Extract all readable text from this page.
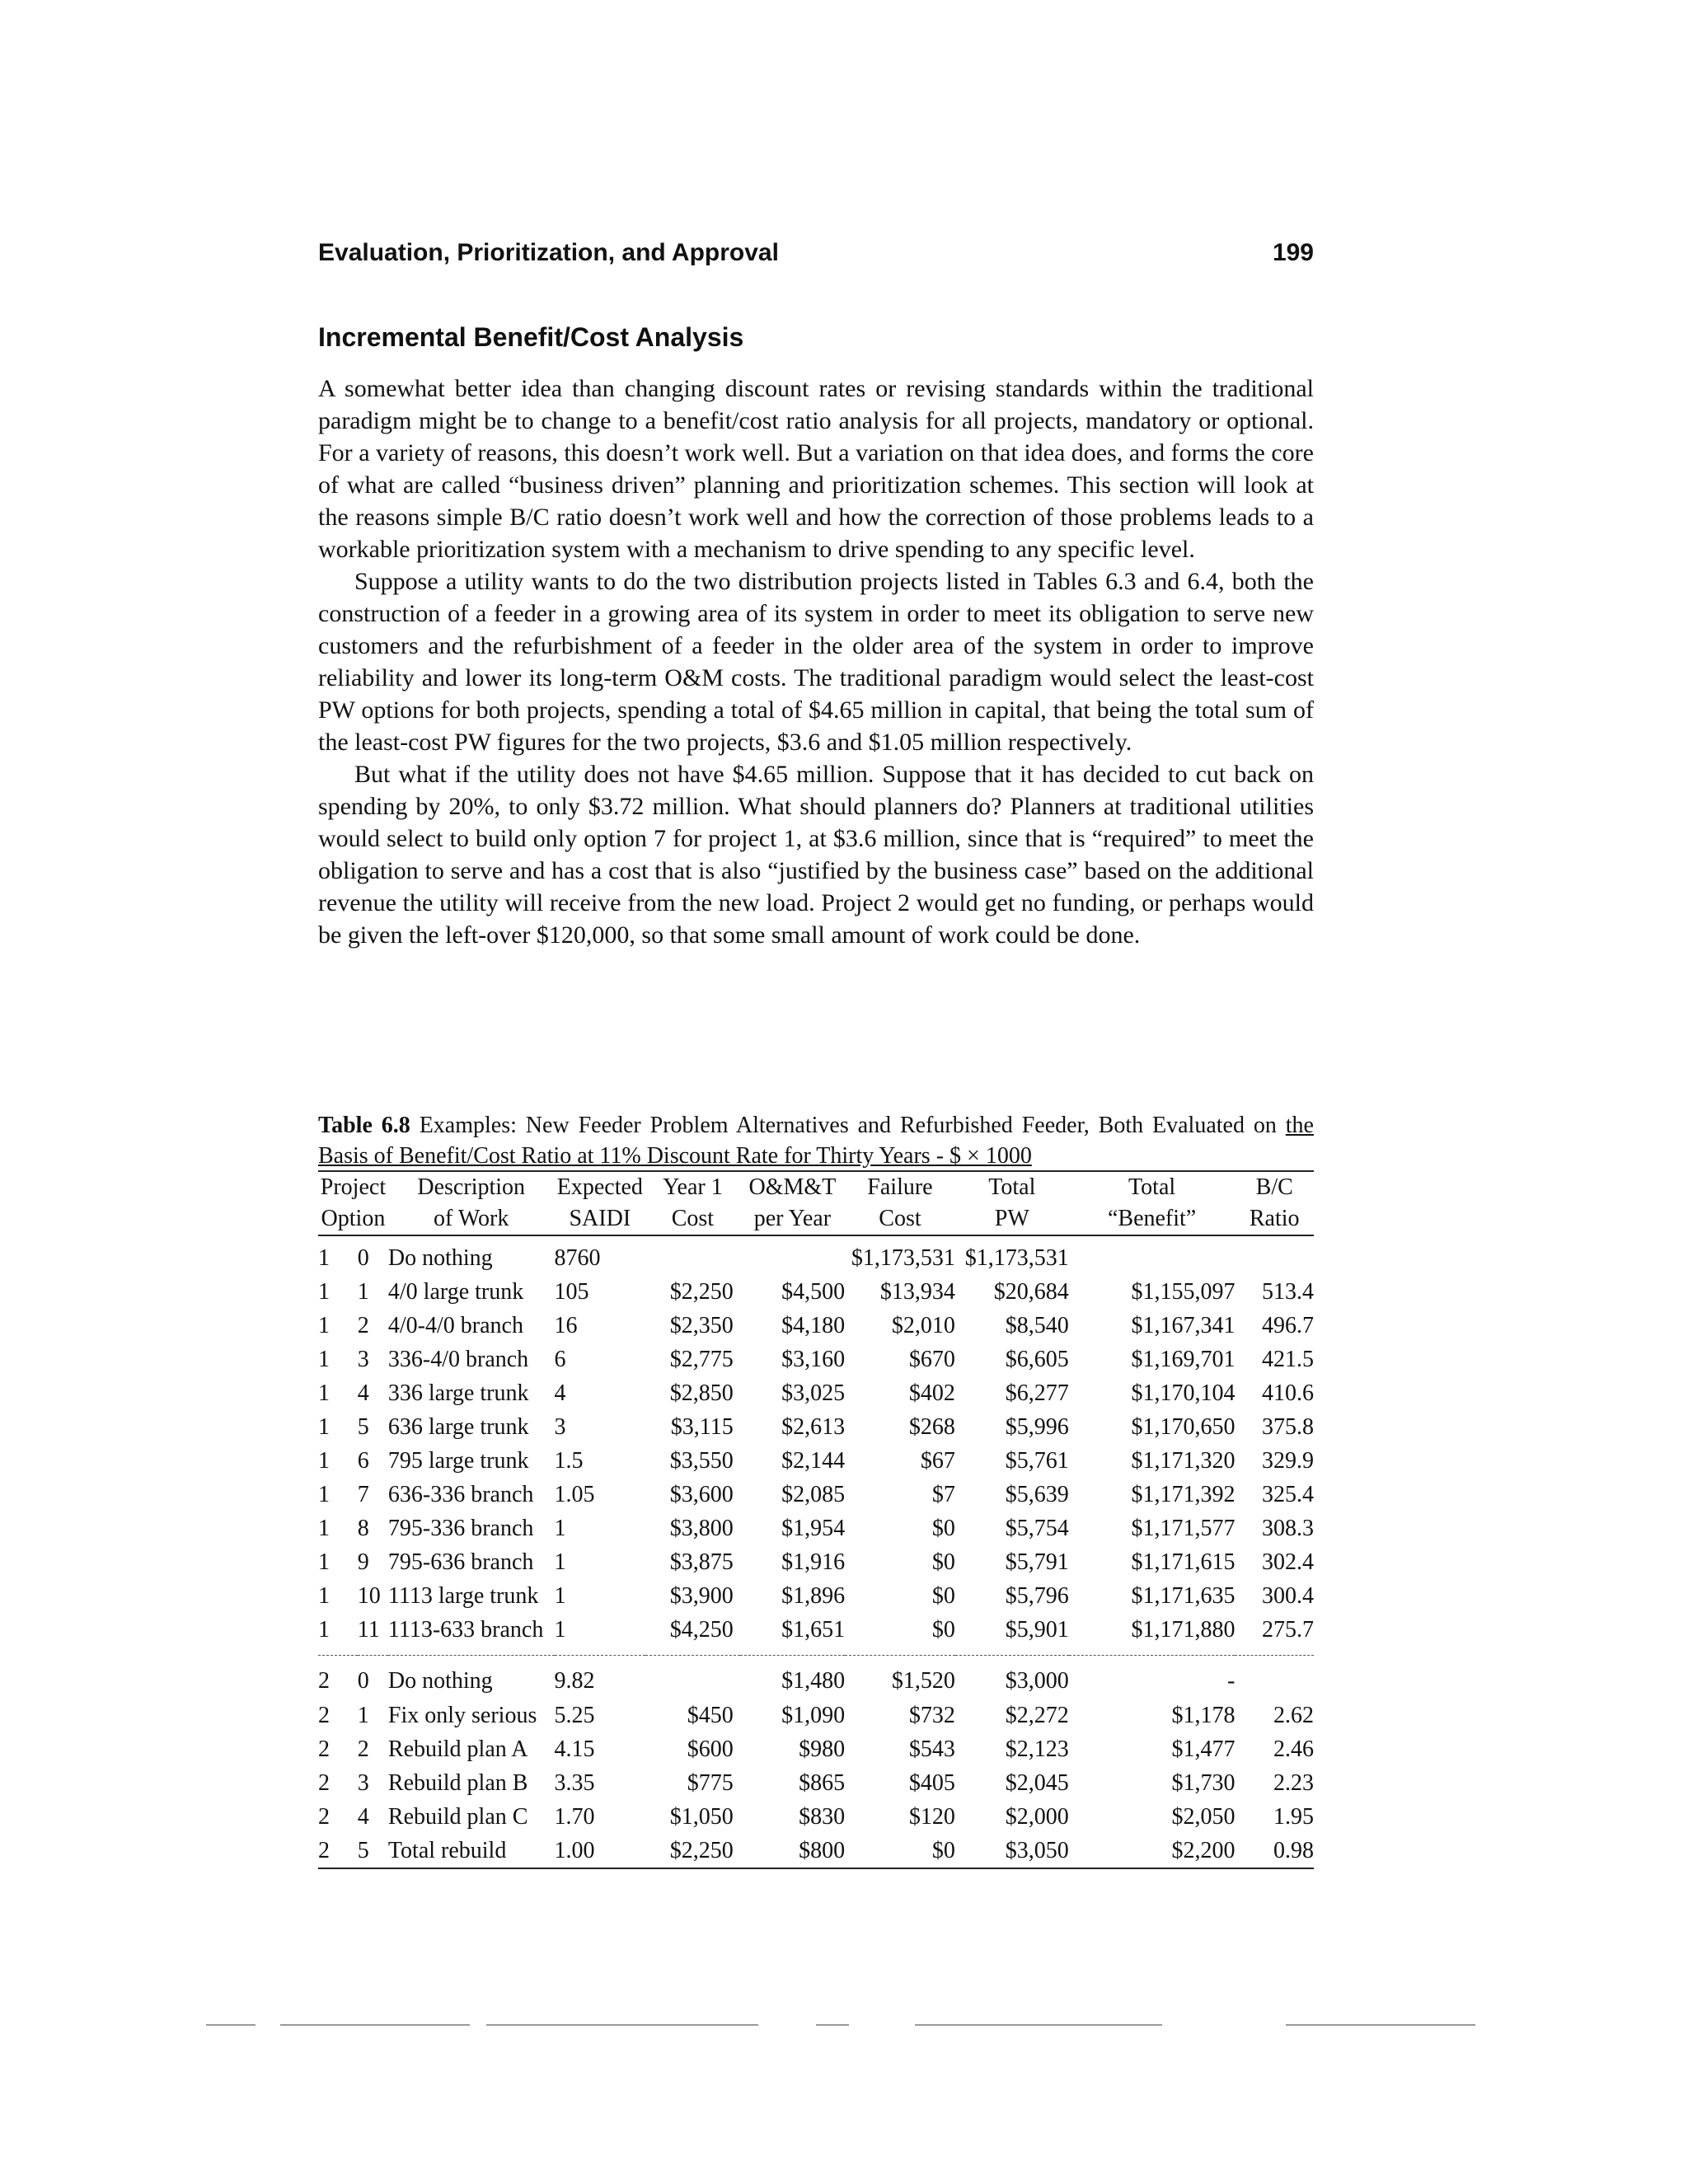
Evaluation, Prioritization, and Approval	199
Incremental Benefit/Cost Analysis

A somewhat better idea than changing discount rates or revising standards within the traditional paradigm might be to change to a benefit/cost ratio analysis for all projects, mandatory or optional. For a variety of reasons, this doesn’t work well. But a variation on that idea does, and forms the core of what are called “business driven” planning and prioritization schemes. This section will look at the reasons simple B/C ratio doesn’t work well and how the correction of those problems leads to a workable prioritization system with a mechanism to drive spending to any specific level.

Suppose a utility wants to do the two distribution projects listed in Tables 6.3 and 6.4, both the construction of a feeder in a growing area of its system in order to meet its obligation to serve new customers and the refurbishment of a feeder in the older area of the system in order to improve reliability and lower its long-term O&M costs. The traditional paradigm would select the least-cost PW options for both projects, spending a total of $4.65 million in capital, that being the total sum of the least-cost PW figures for the two projects, $3.6 and $1.05 million respectively.

But what if the utility does not have $4.65 million. Suppose that it has decided to cut back on spending by 20%, to only $3.72 million. What should planners do? Planners at traditional utilities would select to build only option 7 for project 1, at $3.6 million, since that is “required” to meet the obligation to serve and has a cost that is also “justified by the business case” based on the additional revenue the utility will receive from the new load. Project 2 would get no funding, or perhaps would be given the left-over $120,000, so that some small amount of work could be done.

Table 6.8 Examples: New Feeder Problem Alternatives and Refurbished Feeder, Both Evaluated on the Basis of Benefit/Cost Ratio at 11% Discount Rate for Thirty Years - $ × 1000
Project		Description	Expected	Year 1	O&M&T	Failure	Total	Total	B/C
Option		of Work	SAIDI	Cost	per Year	Cost	PW	“Benefit”	Ratio
1	0	Do nothing	8760			$1,173,531	$1,173,531		
1	1	4/0 large trunk	105	$2,250	$4,500	$13,934	$20,684	$1,155,097	513.4
1	2	4/0-4/0 branch	16	$2,350	$4,180	$2,010	$8,540	$1,167,341	496.7
1	3	336-4/0 branch	6	$2,775	$3,160	$670	$6,605	$1,169,701	421.5
1	4	336 large trunk	4	$2,850	$3,025	$402	$6,277	$1,170,104	410.6
1	5	636 large trunk	3	$3,115	$2,613	$268	$5,996	$1,170,650	375.8
1	6	795 large trunk	1.5	$3,550	$2,144	$67	$5,761	$1,171,320	329.9
1	7	636-336 branch	1.05	$3,600	$2,085	$7	$5,639	$1,171,392	325.4
1	8	795-336 branch	1	$3,800	$1,954	$0	$5,754	$1,171,577	308.3
1	9	795-636 branch	1	$3,875	$1,916	$0	$5,791	$1,171,615	302.4
1	10	1113 large trunk	1	$3,900	$1,896	$0	$5,796	$1,171,635	300.4
1	11	1113-633 branch	1	$4,250	$1,651	$0	$5,901	$1,171,880	275.7
2	0	Do nothing	9.82		$1,480	$1,520	$3,000	-	
2	1	Fix only serious	5.25	$450	$1,090	$732	$2,272	$1,178	2.62
2	2	Rebuild plan A	4.15	$600	$980	$543	$2,123	$1,477	2.46
2	3	Rebuild plan B	3.35	$775	$865	$405	$2,045	$1,730	2.23
2	4	Rebuild plan C	1.70	$1,050	$830	$120	$2,000	$2,050	1.95
2	5	Total rebuild	1.00	$2,250	$800	$0	$3,050	$2,200	0.98
